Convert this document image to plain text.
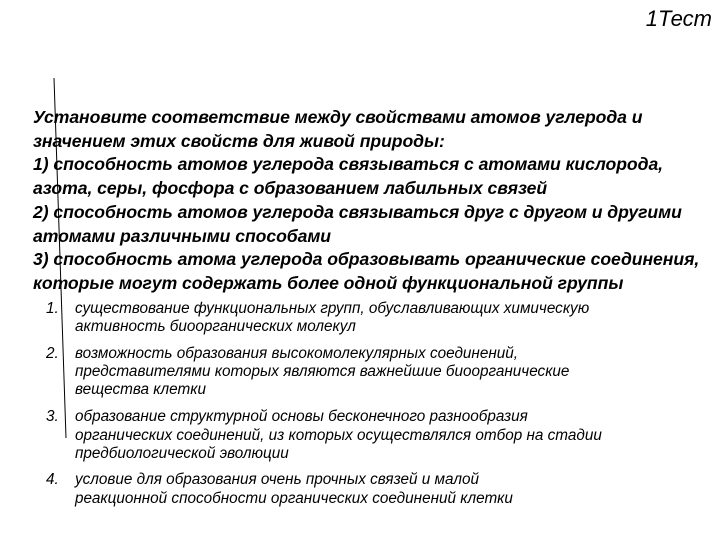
1Тест

Установите соответствие между свойствами атомов углерода и значением этих свойств для живой природы:

1) способность атомов углерода связываться с атомами кислорода, азота, серы, фосфора с образованием лабильных связей

2) способность атомов углерода связываться друг с другом и другими атомами различными способами

3) способность атома углерода образовывать органические соединения, которые могут содержать более одной функциональной группы

1. существование функциональных групп, обуславливающих химическую
активность биоорганических молекул
2. возможность образования высокомолекулярных соединений,
представителями которых являются важнейшие биоорганические
вещества клетки
3. образование структурной основы бесконечного разнообразия
органических соединений, из которых осуществлялся отбор на стадии
предбиологической эволюции
4. условие для образования очень прочных связей и малой
реакционной способности органических соединений клетки
